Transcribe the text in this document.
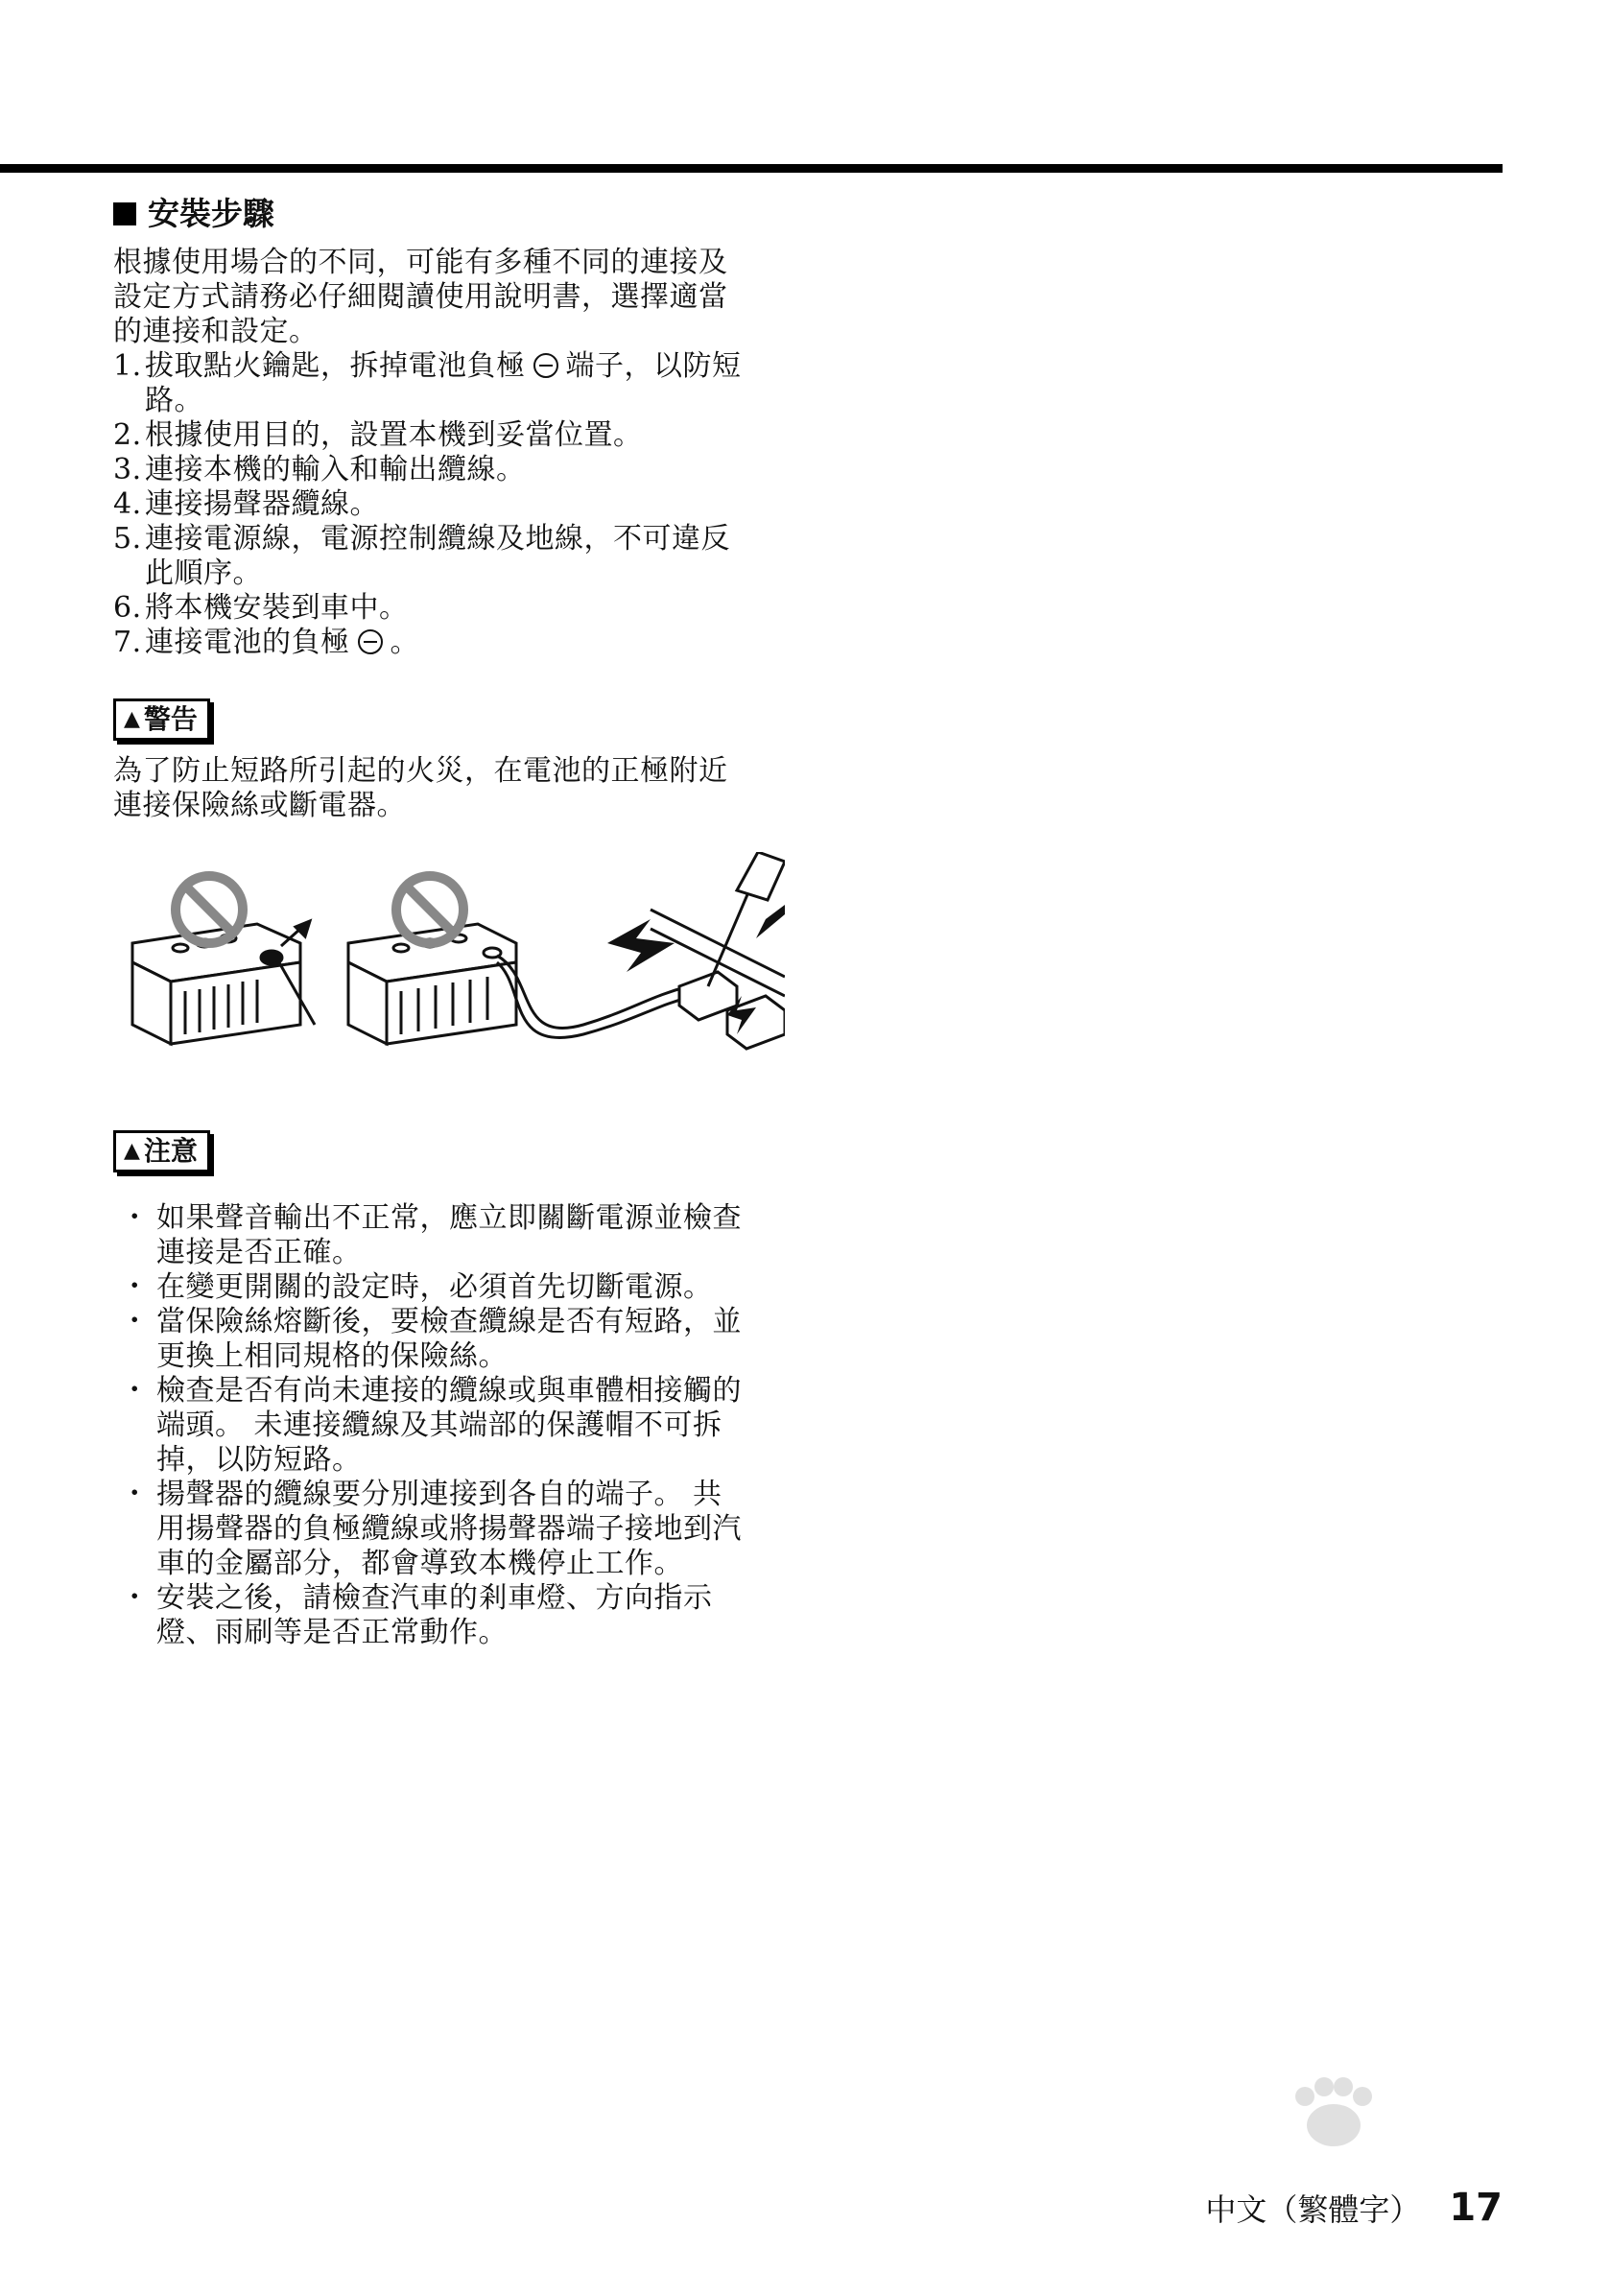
安裝步驟
根據使用場合的不同，可能有多種不同的連接及
設定方式請務必仔細閱讀使用說明書，選擇適當
的連接和設定。
1. 拔取點火鑰匙，拆掉電池負極 端子，以防短
路。
2. 根據使用目的，設置本機到妥當位置。
3. 連接本機的輸入和輸出纜線。
4. 連接揚聲器纜線。
5. 連接電源線，電源控制纜線及地線，不可違反
此順序。
6. 將本機安裝到車中。
7. 連接電池的負極 。
▲ 警告
為了防止短路所引起的火災，在電池的正極附近
連接保險絲或斷電器。
▲ 注意
・ 如果聲音輸出不正常，應立即關斷電源並檢查
連接是否正確。
・ 在變更開關的設定時，必須首先切斷電源。
・ 當保險絲熔斷後，要檢查纜線是否有短路，並
更換上相同規格的保險絲。
・ 檢查是否有尚未連接的纜線或與車體相接觸的
端頭。 未連接纜線及其端部的保護帽不可拆
掉，以防短路。
・ 揚聲器的纜線要分別連接到各自的端子。 共
用揚聲器的負極纜線或將揚聲器端子接地到汽
車的金屬部分，都會導致本機停止工作。
・ 安裝之後，請檢查汽車的剎車燈、方向指示
燈、雨刷等是否正常動作。
中文（繁體字） 17
